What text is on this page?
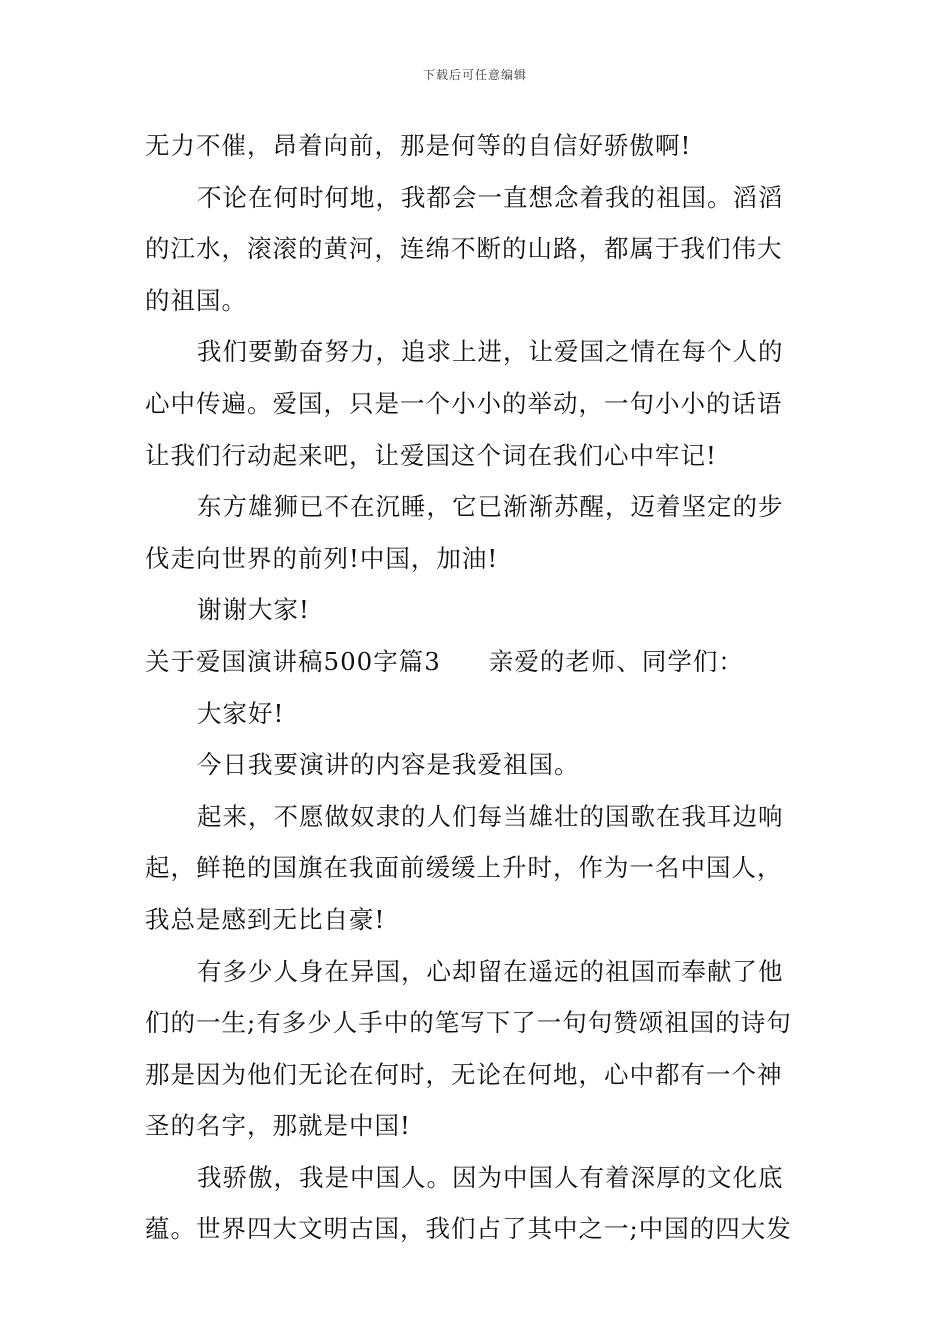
下载后可任意编辑
无力不催，昂着向前，那是何等的自信好骄傲啊!
不论在何时何地，我都会一直想念着我的祖国。滔滔
的江水，滚滚的黄河，连绵不断的山路，都属于我们伟大
的祖国。
我们要勤奋努力，追求上进，让爱国之情在每个人的
心中传遍。爱国，只是一个小小的举动，一句小小的话语
让我们行动起来吧，让爱国这个词在我们心中牢记!
东方雄狮已不在沉睡，它已渐渐苏醒，迈着坚定的步
伐走向世界的前列!中国，加油!
谢谢大家!
关于爱国演讲稿500字篇3 亲爱的老师、同学们：
大家好!
今日我要演讲的内容是我爱祖国。
起来，不愿做奴隶的人们每当雄壮的国歌在我耳边响
起，鲜艳的国旗在我面前缓缓上升时，作为一名中国人，
我总是感到无比自豪!
有多少人身在异国，心却留在遥远的祖国而奉献了他
们的一生;有多少人手中的笔写下了一句句赞颂祖国的诗句
那是因为他们无论在何时，无论在何地，心中都有一个神
圣的名字，那就是中国!
我骄傲，我是中国人。因为中国人有着深厚的文化底
蕴。世界四大文明古国，我们占了其中之一;中国的四大发
